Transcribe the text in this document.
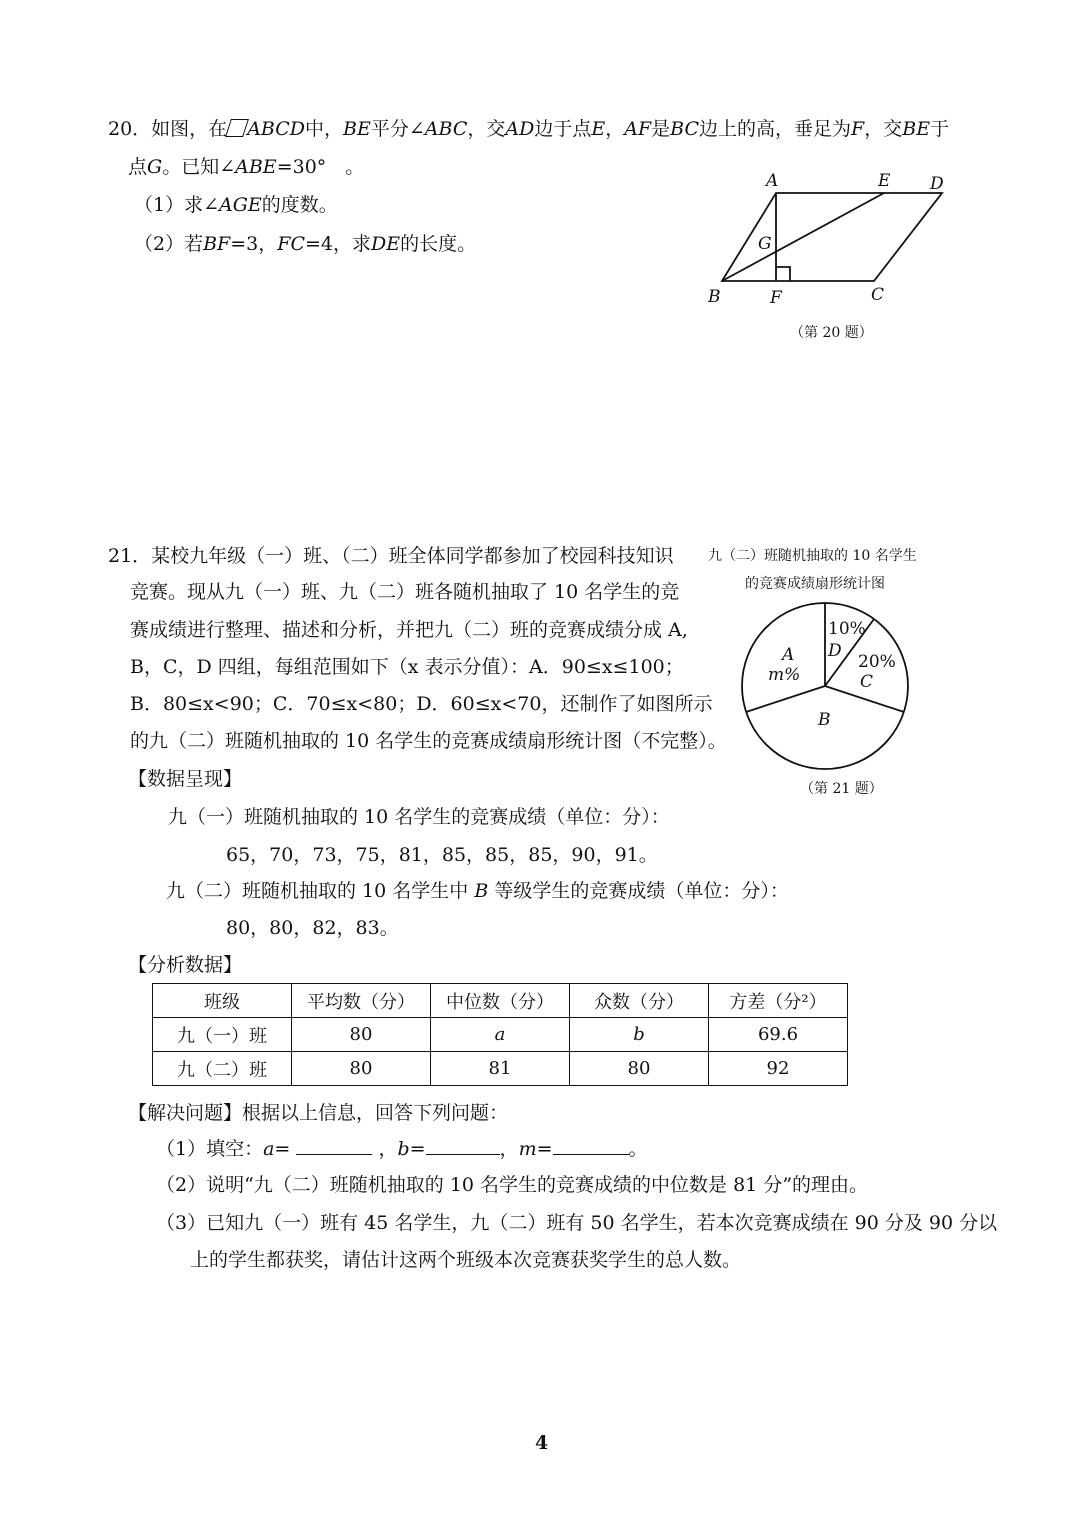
20．如图，在 ABCD中，BE平分∠ABC，交AD边于点E，AF是BC边上的高，垂足为F，交BE于
点G。已知∠ABE=30°　。
（1）求∠AGE的度数。
（2）若BF=3，FC=4，求DE的长度。
A	E D
G
B	F	C
（第 20 题）
21．某校九年级（一）班、（二）班全体同学都参加了校园科技知识
竞赛。现从九（一）班、九（二）班各随机抽取了 10 名学生的竞
赛成绩进行整理、描述和分析，并把九（二）班的竞赛成绩分成 A,
B，C，D 四组，每组范围如下（x 表示分值）：A．90≤x≤100；
B．80≤x<90；C．70≤x<80；D．60≤x<70，还制作了如图所示
的九（二）班随机抽取的 10 名学生的竞赛成绩扇形统计图（不完整）。
九（二）班随机抽取的 10 名学生
的竞赛成绩扇形统计图
10%
D
20%
C
A
m%
B
（第 21 题）
【数据呈现】
九（一）班随机抽取的 10 名学生的竞赛成绩（单位：分）：
65，70，73，75，81，85，85，85，90，91。
九（二）班随机抽取的 10 名学生中 B 等级学生的竞赛成绩（单位：分）：
80，80，82，83。
【分析数据】
班级	平均数（分）	中位数（分）	众数（分）	方差（分²）
九（一）班	80	a	b	69.6
九（二）班	80	81	80	92
【解决问题】根据以上信息，回答下列问题：
（1）填空：a=	，b=	，m=	。
（2）说明“九（二）班随机抽取的 10 名学生的竞赛成绩的中位数是 81 分”的理由。
（3）已知九（一）班有 45 名学生，九（二）班有 50 名学生，若本次竞赛成绩在 90 分及 90 分以
上的学生都获奖，请估计这两个班级本次竞赛获奖学生的总人数。
4
